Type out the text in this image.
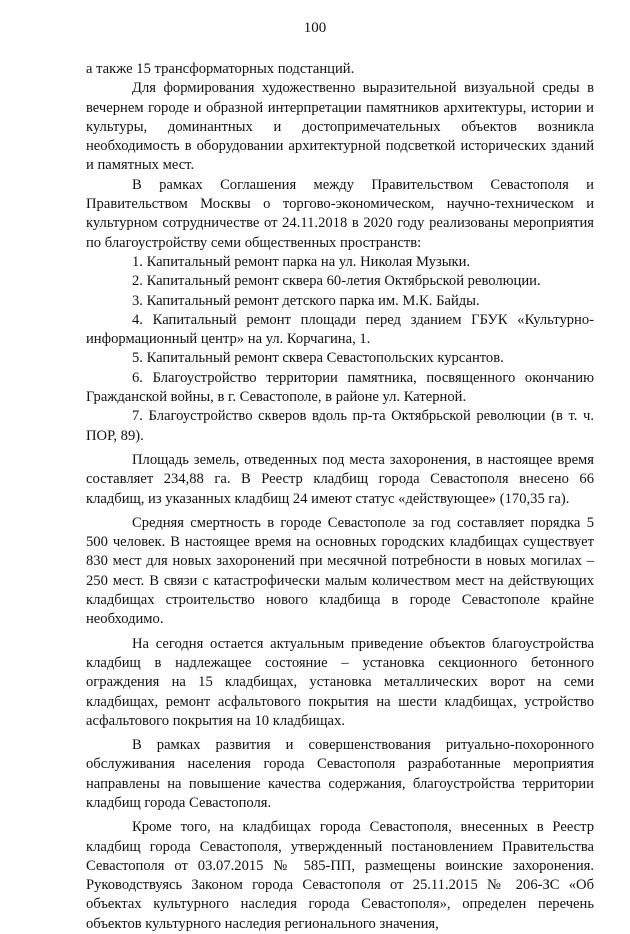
100

а также 15 трансформаторных подстанций.

Для формирования художественно выразительной визуальной среды в вечернем городе и образной интерпретации памятников архитектуры, истории и культуры, доминантных и достопримечательных объектов возникла необходимость в оборудовании архитектурной подсветкой исторических зданий и памятных мест.

В рамках Соглашения между Правительством Севастополя и Правительством Москвы о торгово-экономическом, научно-техническом и культурном сотрудничестве от 24.11.2018 в 2020 году реализованы мероприятия по благоустройству семи общественных пространств:

1. Капитальный ремонт парка на ул. Николая Музыки.

2. Капитальный ремонт сквера 60-летия Октябрьской революции.

3. Капитальный ремонт детского парка им. М.К. Байды.

4. Капитальный ремонт площади перед зданием ГБУК «Культурно-информационный центр» на ул. Корчагина, 1.

5. Капитальный ремонт сквера Севастопольских курсантов.

6. Благоустройство территории памятника, посвященного окончанию Гражданской войны, в г. Севастополе, в районе ул. Катерной.

7. Благоустройство скверов вдоль пр-та Октябрьской революции (в т. ч. ПОР, 89).

Площадь земель, отведенных под места захоронения, в настоящее время составляет 234,88 га. В Реестр кладбищ города Севастополя внесено 66 кладбищ, из указанных кладбищ 24 имеют статус «действующее» (170,35 га).

Средняя смертность в городе Севастополе за год составляет порядка 5 500 человек. В настоящее время на основных городских кладбищах существует 830 мест для новых захоронений при месячной потребности в новых могилах – 250 мест. В связи с катастрофически малым количеством мест на действующих кладбищах строительство нового кладбища в городе Севастополе крайне необходимо.

На сегодня остается актуальным приведение объектов благоустройства кладбищ в надлежащее состояние – установка секционного бетонного ограждения на 15 кладбищах, установка металлических ворот на семи кладбищах, ремонт асфальтового покрытия на шести кладбищах, устройство асфальтового покрытия на 10 кладбищах.

В рамках развития и совершенствования ритуально-похоронного обслуживания населения города Севастополя разработанные мероприятия направлены на повышение качества содержания, благоустройства территории кладбищ города Севастополя.

Кроме того, на кладбищах города Севастополя, внесенных в Реестр кладбищ города Севастополя, утвержденный постановлением Правительства Севастополя от 03.07.2015 № 585-ПП, размещены воинские захоронения. Руководствуясь Законом города Севастополя от 25.11.2015 № 206-ЗС «Об объектах культурного наследия города Севастополя», определен перечень объектов культурного наследия регионального значения,
